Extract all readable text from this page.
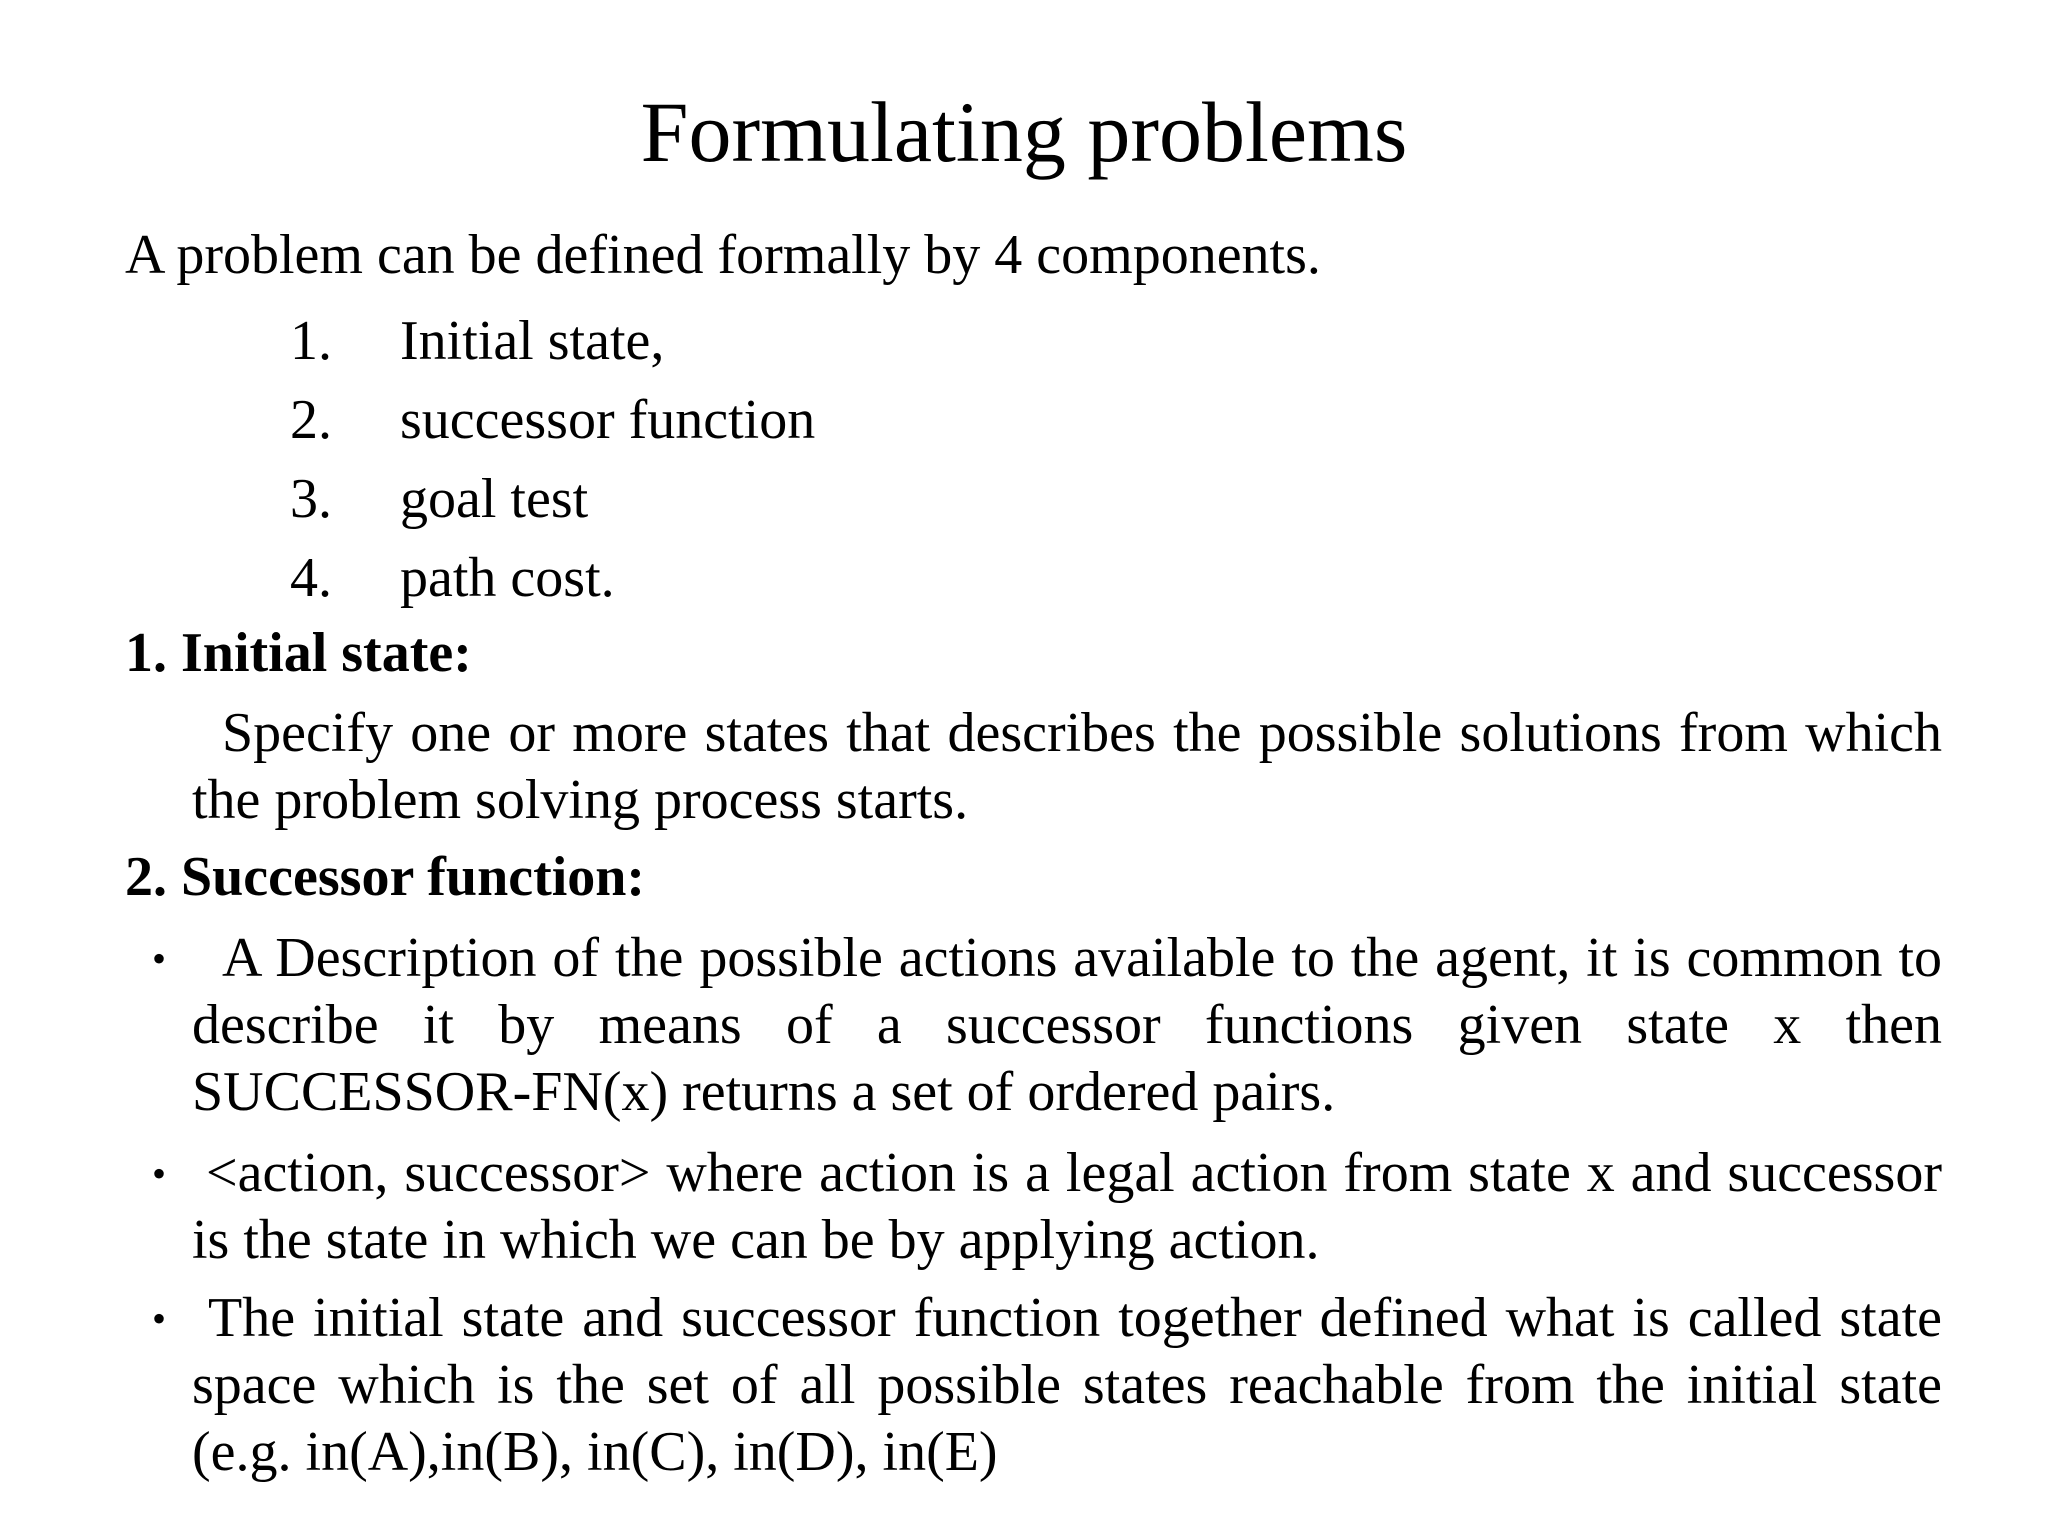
Formulating problems
A problem can be defined formally by 4 components.
1.	Initial state,
2.	successor function
3.	goal test
4.	path cost.
1. Initial state:
Specify one or more states that describes the possible solutions from which the problem solving process starts.
2. Successor function:
• A Description of the possible actions available to the agent, it is common to describe it by means of a successor functions given state x then SUCCESSOR-FN(x) returns a set of ordered pairs.
• <action, successor> where action is a legal action from state x and successor is the state in which we can be by applying action.
• The initial state and successor function together defined what is called state space which is the set of all possible states reachable from the initial state (e.g. in(A),in(B), in(C), in(D), in(E)
